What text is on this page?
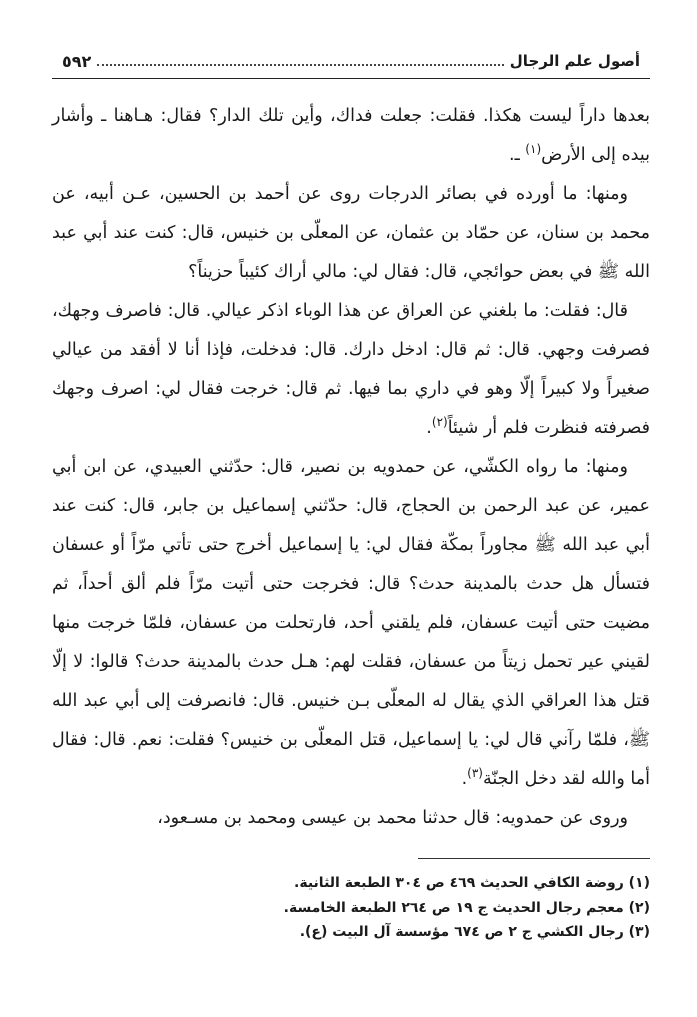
أصول علم الرجال
٥٩٢

بعدها داراً ليست هكذا. فقلت: جعلت فداك، وأين تلك الدار؟ فقال: هـاهنا ـ وأشار بيده إلى الأرض$^{(١)}$ ـ.

ومنها: ما أورده في بصائر الدرجات روى عن أحمد بن الحسين، عـن أبيه، عن محمد بن سنان، عن حمّاد بن عثمان، عن المعلّى بن خنيس، قال: كنت عند أبي عبد الله ﷺ في بعض حوائجي، قال: فقال لي: مالي أراك كئيباً حزيناً؟

قال: فقلت: ما بلغني عن العراق عن هذا الوباء اذكر عيالي. قال: فاصرف وجهك، فصرفت وجهي. قال: ثم قال: ادخل دارك. قال: فدخلت، فإذا أنا لا أفقد من عيالي صغيراً ولا كبيراً إلّا وهو في داري بما فيها. ثم قال: خرجت فقال لي: اصرف وجهك فصرفته فنظرت فلم أر شيئاً$^{(٢)}$.

ومنها: ما رواه الكشّي، عن حمدويه بن نصير، قال: حدّثني العبيدي، عن ابن أبي عمير، عن عبد الرحمن بن الحجاج، قال: حدّثني إسماعيل بن جابر، قال: كنت عند أبي عبد الله ﷺ مجاوراً بمكّة فقال لي: يا إسماعيل أخرج حتى تأتي مرّاً أو عسفان فتسأل هل حدث بالمدينة حدث؟ قال: فخرجت حتى أتيت مرّاً فلم ألق أحداً، ثم مضيت حتى أتيت عسفان، فلم يلقني أحد، فارتحلت من عسفان، فلمّا خرجت منها لقيني عير تحمل زيتاً من عسفان، فقلت لهم: هـل حدث بالمدينة حدث؟ قالوا: لا إلّا قتل هذا العراقي الذي يقال له المعلّى بـن خنيس. قال: فانصرفت إلى أبي عبد الله ﷺ، فلمّا رآني قال لي: يا إسماعيل، قتل المعلّى بن خنيس؟ فقلت: نعم. قال: فقال أما والله لقد دخل الجنّة$^{(٣)}$.

وروى عن حمدويه: قال حدثنا محمد بن عيسى ومحمد بن مسـعود،

(١) روضة الكافي الحديث ٤٦٩ ص ٣٠٤ الطبعة الثانية.

(٢) معجم رجال الحديث ج ١٩ ص ٢٦٤ الطبعة الخامسة.

(٣) رجال الكشي ج ٢ ص ٦٧٤ مؤسسة آل البيت (ع).
